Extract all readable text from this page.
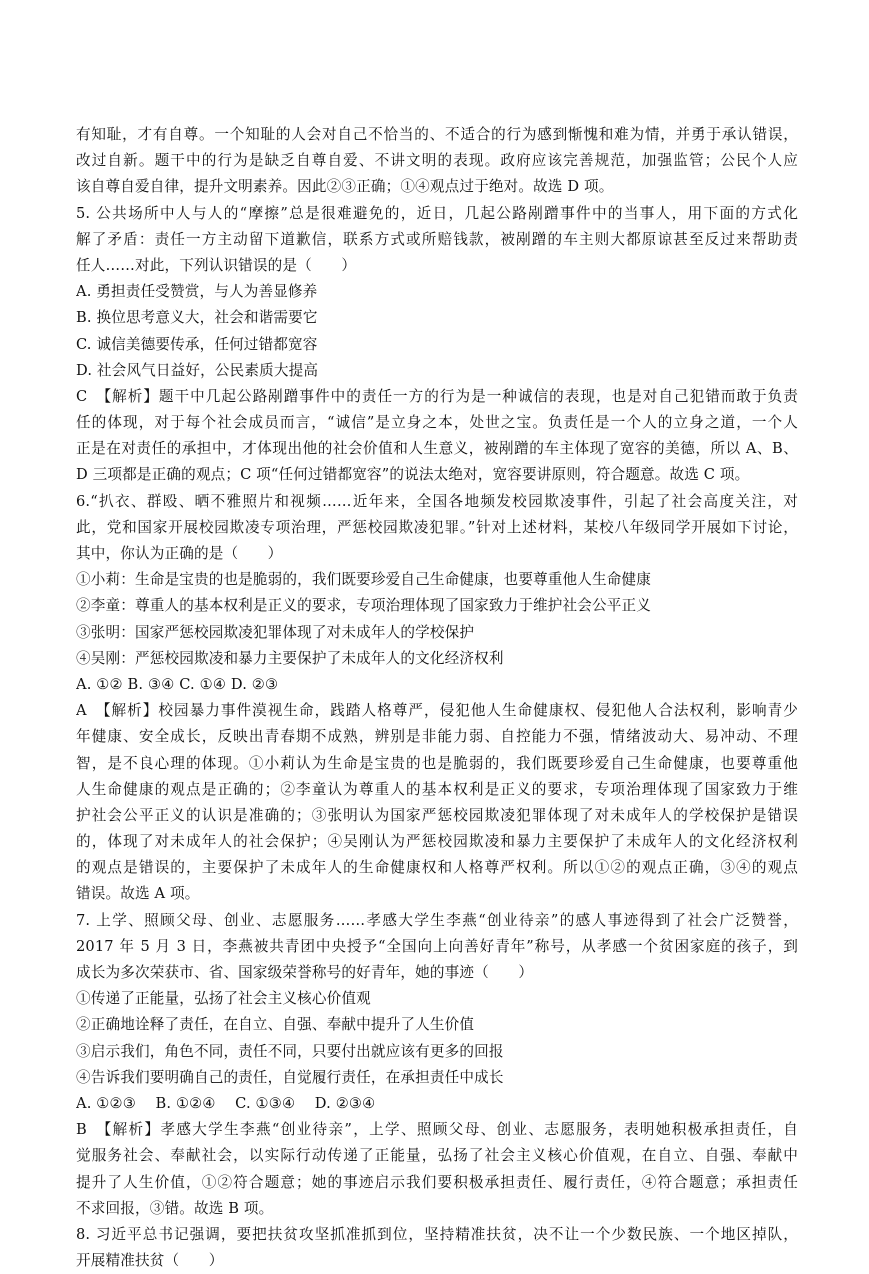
有知耻，才有自尊。一个知耻的人会对自己不恰当的、不适合的行为感到惭愧和难为情，并勇于承认错误，
改过自新。题干中的行为是缺乏自尊自爱、不讲文明的表现。政府应该完善规范，加强监管；公民个人应
该自尊自爱自律，提升文明素养。因此②③正确；①④观点过于绝对。故选 D 项。
5. 公共场所中人与人的“摩擦”总是很难避免的，近日，几起公路剐蹭事件中的当事人，用下面的方式化
解了矛盾：责任一方主动留下道歉信，联系方式或所赔钱款，被剐蹭的车主则大都原谅甚至反过来帮助责
任人……对此，下列认识错误的是（　　）
A. 勇担责任受赞赏，与人为善显修养
B. 换位思考意义大，社会和谐需要它
C. 诚信美德要传承，任何过错都宽容
D. 社会风气日益好，公民素质大提高
C　【解析】题干中几起公路剐蹭事件中的责任一方的行为是一种诚信的表现，也是对自己犯错而敢于负责
任的体现，对于每个社会成员而言，“诚信”是立身之本，处世之宝。负责任是一个人的立身之道，一个人
正是在对责任的承担中，才体现出他的社会价值和人生意义，被剐蹭的车主体现了宽容的美德，所以 A、B、
D 三项都是正确的观点；C 项“任何过错都宽容”的说法太绝对，宽容要讲原则，符合题意。故选 C 项。
6.“扒衣、群殴、晒不雅照片和视频……近年来，全国各地频发校园欺凌事件，引起了社会高度关注，对
此，党和国家开展校园欺凌专项治理，严惩校园欺凌犯罪。”针对上述材料，某校八年级同学开展如下讨论，
其中，你认为正确的是（　　）
①小莉：生命是宝贵的也是脆弱的，我们既要珍爱自己生命健康，也要尊重他人生命健康
②李童：尊重人的基本权利是正义的要求，专项治理体现了国家致力于维护社会公平正义
③张明：国家严惩校园欺凌犯罪体现了对未成年人的学校保护
④吴刚：严惩校园欺凌和暴力主要保护了未成年人的文化经济权利
A. ①② B. ③④ C. ①④ D. ②③
A　【解析】校园暴力事件漠视生命，践踏人格尊严，侵犯他人生命健康权、侵犯他人合法权利，影响青少
年健康、安全成长，反映出青春期不成熟，辨别是非能力弱、自控能力不强，情绪波动大、易冲动、不理
智，是不良心理的体现。①小莉认为生命是宝贵的也是脆弱的，我们既要珍爱自己生命健康，也要尊重他
人生命健康的观点是正确的；②李童认为尊重人的基本权利是正义的要求，专项治理体现了国家致力于维
护社会公平正义的认识是准确的；③张明认为国家严惩校园欺凌犯罪体现了对未成年人的学校保护是错误
的，体现了对未成年人的社会保护；④吴刚认为严惩校园欺凌和暴力主要保护了未成年人的文化经济权利
的观点是错误的，主要保护了未成年人的生命健康权和人格尊严权利。所以①②的观点正确，③④的观点
错误。故选 A 项。
7. 上学、照顾父母、创业、志愿服务……孝感大学生李燕“创业待亲”的感人事迹得到了社会广泛赞誉，
2017 年 5 月 3 日，李燕被共青团中央授予“全国向上向善好青年”称号，从孝感一个贫困家庭的孩子，到
成长为多次荣获市、省、国家级荣誉称号的好青年，她的事迹（　　）
①传递了正能量，弘扬了社会主义核心价值观
②正确地诠释了责任，在自立、自强、奉献中提升了人生价值
③启示我们，角色不同，责任不同，只要付出就应该有更多的回报
④告诉我们要明确自己的责任，自觉履行责任，在承担责任中成长
A. ①②③　 B. ①②④　 C. ①③④　 D. ②③④
B　【解析】孝感大学生李燕“创业待亲”，上学、照顾父母、创业、志愿服务，表明她积极承担责任，自
觉服务社会、奉献社会，以实际行动传递了正能量，弘扬了社会主义核心价值观，在自立、自强、奉献中
提升了人生价值，①②符合题意；她的事迹启示我们要积极承担责任、履行责任，④符合题意；承担责任
不求回报，③错。故选 B 项。
8. 习近平总书记强调，要把扶贫攻坚抓准抓到位，坚持精准扶贫，决不让一个少数民族、一个地区掉队，
开展精准扶贫（　　）
